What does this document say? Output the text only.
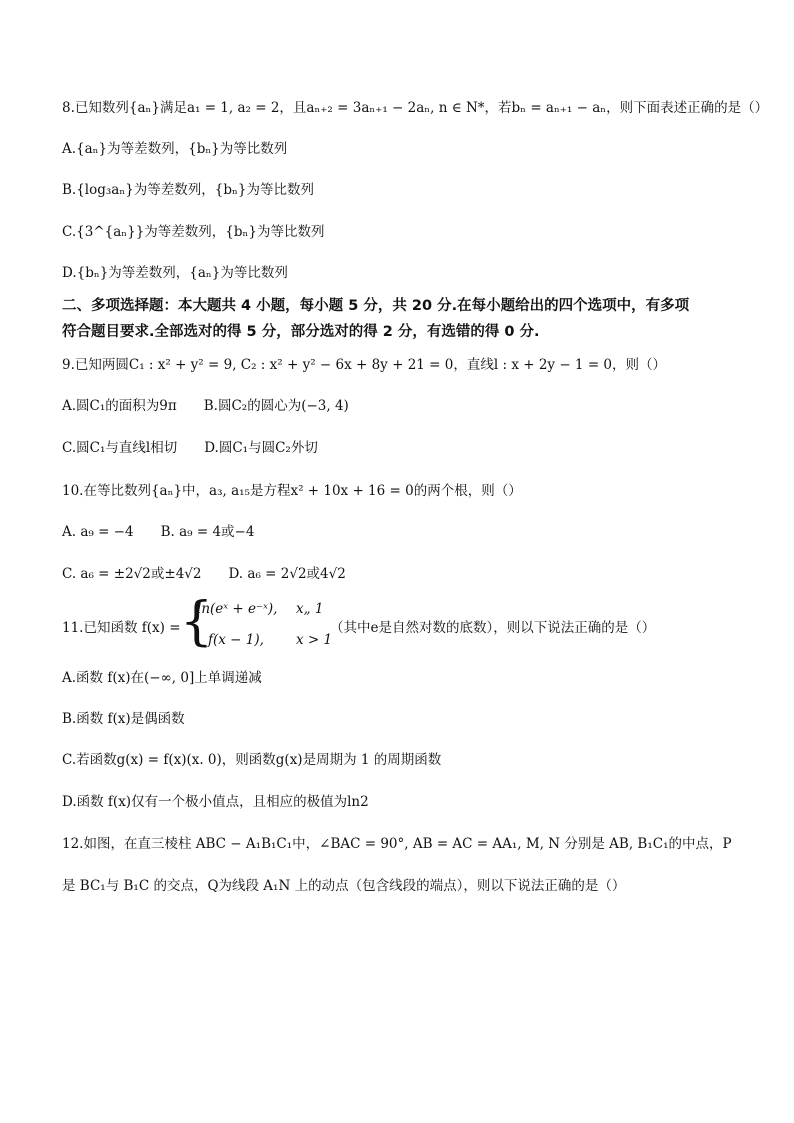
8.已知数列{aₙ}满足a₁ = 1, a₂ = 2，且aₙ₊₂ = 3aₙ₊₁ − 2aₙ, n ∈ N*，若bₙ = aₙ₊₁ − aₙ，则下面表述正确的是（）
A.{aₙ}为等差数列，{bₙ}为等比数列
B.{log₃aₙ}为等差数列，{bₙ}为等比数列
C.{3^{aₙ}}为等差数列，{bₙ}为等比数列
D.{bₙ}为等差数列，{aₙ}为等比数列
二、多项选择题：本大题共 4 小题，每小题 5 分，共 20 分.在每小题给出的四个选项中，有多项
符合题目要求.全部选对的得 5 分，部分选对的得 2 分，有选错的得 0 分.
9.已知两圆C₁ : x² + y² = 9, C₂ : x² + y² − 6x + 8y + 21 = 0，直线l : x + 2y − 1 = 0，则（）
A.圆C₁的面积为9π　　B.圆C₂的圆心为(−3, 4)
C.圆C₁与直线l相切　　D.圆C₁与圆C₂外切
10.在等比数列{aₙ}中，a₃, a₁₅是方程x² + 10x + 16 = 0的两个根，则（）
A. a₉ = −4　　B. a₉ = 4或−4
C. a₆ = ±2√2或±4√2　　D. a₆ = 2√2或4√2
11.已知函数 f(x) = {
ln(eˣ + e⁻ˣ), x„ 1
f(x − 1), x > 1
（其中e是自然对数的底数），则以下说法正确的是（）
A.函数 f(x)在(−∞, 0]上单调递减
B.函数 f(x)是偶函数
C.若函数g(x) = f(x)(x. 0)，则函数g(x)是周期为 1 的周期函数
D.函数 f(x)仅有一个极小值点，且相应的极值为ln2
12.如图，在直三棱柱 ABC − A₁B₁C₁中，∠BAC = 90°, AB = AC = AA₁, M, N 分别是 AB, B₁C₁的中点，P
是 BC₁与 B₁C 的交点，Q为线段 A₁N 上的动点（包含线段的端点），则以下说法正确的是（）
